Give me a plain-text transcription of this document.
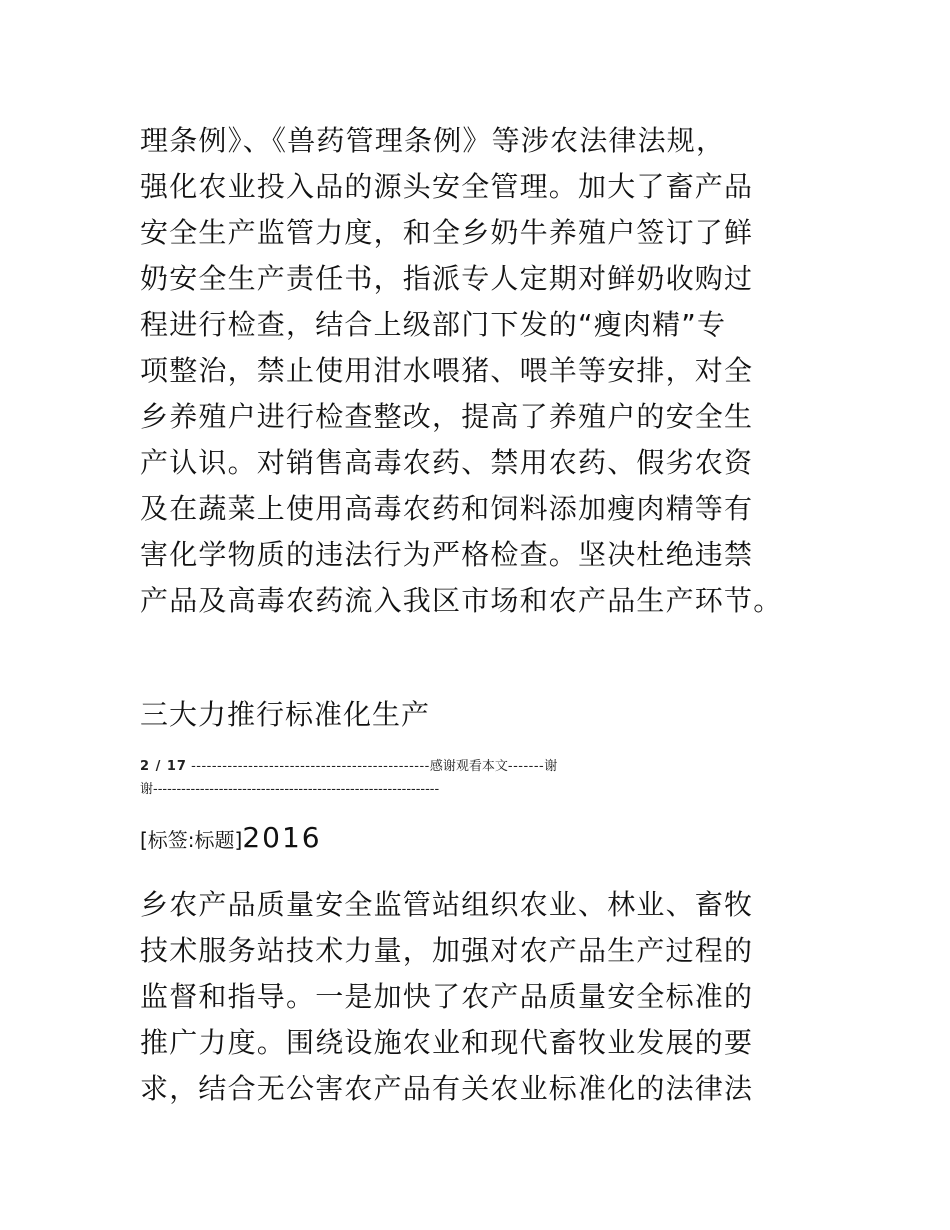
理条例》、《兽药管理条例》等涉农法律法规，
强化农业投入品的源头安全管理。加大了畜产品
安全生产监管力度，和全乡奶牛养殖户签订了鲜
奶安全生产责任书，指派专人定期对鲜奶收购过
程进行检查，结合上级部门下发的“瘦肉精”专
项整治，禁止使用泔水喂猪、喂羊等安排，对全
乡养殖户进行检查整改，提高了养殖户的安全生
产认识。对销售高毒农药、禁用农药、假劣农资
及在蔬菜上使用高毒农药和饲料添加瘦肉精等有
害化学物质的违法行为严格检查。坚决杜绝违禁
产品及高毒农药流入我区市场和农产品生产环节。
三大力推行标准化生产
2 / 17 ----------------------------------------------感谢观看本文-------谢
谢-------------------------------------------------------------
[标签:标题]2016
乡农产品质量安全监管站组织农业、林业、畜牧
技术服务站技术力量，加强对农产品生产过程的
监督和指导。一是加快了农产品质量安全标准的
推广力度。围绕设施农业和现代畜牧业发展的要
求，结合无公害农产品有关农业标准化的法律法
